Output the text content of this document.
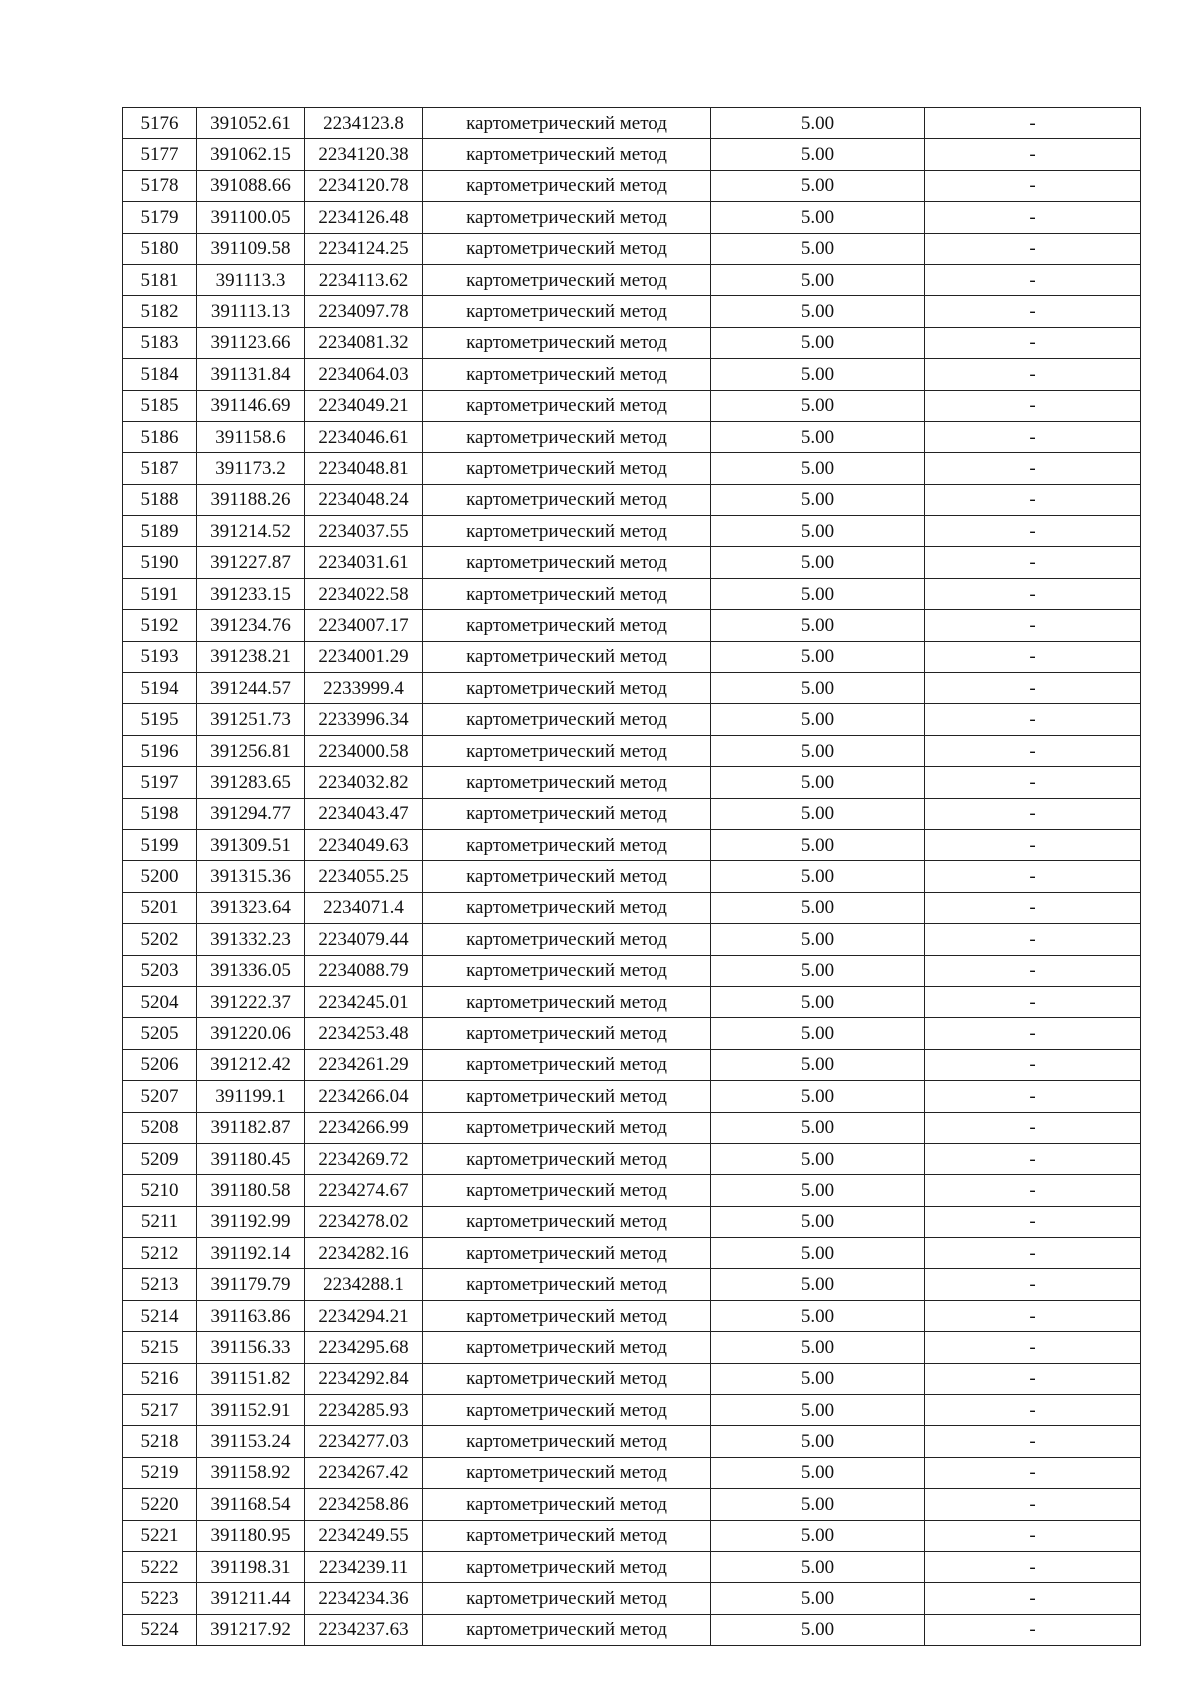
5176	391052.61	2234123.8	картометрический метод	5.00	-
5177	391062.15	2234120.38	картометрический метод	5.00	-
5178	391088.66	2234120.78	картометрический метод	5.00	-
5179	391100.05	2234126.48	картометрический метод	5.00	-
5180	391109.58	2234124.25	картометрический метод	5.00	-
5181	391113.3	2234113.62	картометрический метод	5.00	-
5182	391113.13	2234097.78	картометрический метод	5.00	-
5183	391123.66	2234081.32	картометрический метод	5.00	-
5184	391131.84	2234064.03	картометрический метод	5.00	-
5185	391146.69	2234049.21	картометрический метод	5.00	-
5186	391158.6	2234046.61	картометрический метод	5.00	-
5187	391173.2	2234048.81	картометрический метод	5.00	-
5188	391188.26	2234048.24	картометрический метод	5.00	-
5189	391214.52	2234037.55	картометрический метод	5.00	-
5190	391227.87	2234031.61	картометрический метод	5.00	-
5191	391233.15	2234022.58	картометрический метод	5.00	-
5192	391234.76	2234007.17	картометрический метод	5.00	-
5193	391238.21	2234001.29	картометрический метод	5.00	-
5194	391244.57	2233999.4	картометрический метод	5.00	-
5195	391251.73	2233996.34	картометрический метод	5.00	-
5196	391256.81	2234000.58	картометрический метод	5.00	-
5197	391283.65	2234032.82	картометрический метод	5.00	-
5198	391294.77	2234043.47	картометрический метод	5.00	-
5199	391309.51	2234049.63	картометрический метод	5.00	-
5200	391315.36	2234055.25	картометрический метод	5.00	-
5201	391323.64	2234071.4	картометрический метод	5.00	-
5202	391332.23	2234079.44	картометрический метод	5.00	-
5203	391336.05	2234088.79	картометрический метод	5.00	-
5204	391222.37	2234245.01	картометрический метод	5.00	-
5205	391220.06	2234253.48	картометрический метод	5.00	-
5206	391212.42	2234261.29	картометрический метод	5.00	-
5207	391199.1	2234266.04	картометрический метод	5.00	-
5208	391182.87	2234266.99	картометрический метод	5.00	-
5209	391180.45	2234269.72	картометрический метод	5.00	-
5210	391180.58	2234274.67	картометрический метод	5.00	-
5211	391192.99	2234278.02	картометрический метод	5.00	-
5212	391192.14	2234282.16	картометрический метод	5.00	-
5213	391179.79	2234288.1	картометрический метод	5.00	-
5214	391163.86	2234294.21	картометрический метод	5.00	-
5215	391156.33	2234295.68	картометрический метод	5.00	-
5216	391151.82	2234292.84	картометрический метод	5.00	-
5217	391152.91	2234285.93	картометрический метод	5.00	-
5218	391153.24	2234277.03	картометрический метод	5.00	-
5219	391158.92	2234267.42	картометрический метод	5.00	-
5220	391168.54	2234258.86	картометрический метод	5.00	-
5221	391180.95	2234249.55	картометрический метод	5.00	-
5222	391198.31	2234239.11	картометрический метод	5.00	-
5223	391211.44	2234234.36	картометрический метод	5.00	-
5224	391217.92	2234237.63	картометрический метод	5.00	-
